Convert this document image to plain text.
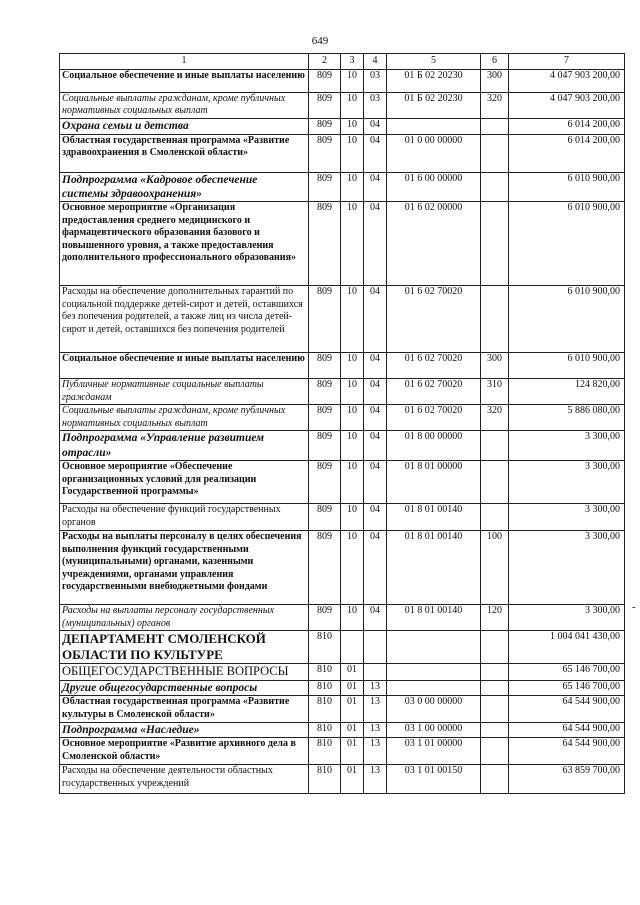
649
1	2	3	4	5	6	7
Социальное обеспечение и иные выплаты населению	809	10	03	01 Б 02 20230	300	4 047 903 200,00
Социальные выплаты гражданам, кроме публичных нормативных социальных выплат	809	10	03	01 Б 02 20230	320	4 047 903 200,00
Охрана семьи и детства	809	10	04			6 014 200,00
Областная государственная программа «Развитие здравоохранения в Смоленской области»	809	10	04	01 0 00 00000		6 014 200,00
Подпрограмма «Кадровое обеспечение системы здравоохранения»	809	10	04	01 6 00 00000		6 010 900,00
Основное мероприятие «Организация предоставления среднего медицинского и фармацевтического образования базового и повышенного уровня, а также предоставления дополнительного профессионального образования»	809	10	04	01 6 02 00000		6 010 900,00
Расходы на обеспечение дополнительных гарантий по социальной поддержке детей-сирот и детей, оставшихся без попечения родителей, а также лиц из числа детей-сирот и детей, оставшихся без попечения родителей	809	10	04	01 6 02 70020		6 010 900,00
Социальное обеспечение и иные выплаты населению	809	10	04	01 6 02 70020	300	6 010 900,00
Публичные нормативные социальные выплаты гражданам	809	10	04	01 6 02 70020	310	124 820,00
Социальные выплаты гражданам, кроме публичных нормативных социальных выплат	809	10	04	01 6 02 70020	320	5 886 080,00
Подпрограмма «Управление развитием отрасли»	809	10	04	01 8 00 00000		3 300,00
Основное мероприятие «Обеспечение организационных условий для реализации Государственной программы»	809	10	04	01 8 01 00000		3 300,00
Расходы на обеспечение функций государственных органов	809	10	04	01 8 01 00140		3 300,00
Расходы на выплаты персоналу в целях обеспечения выполнения функций государственными (муниципальными) органами, казенными учреждениями, органами управления государственными внебюджетными фондами	809	10	04	01 8 01 00140	100	3 300,00
Расходы на выплаты персоналу государственных (муниципальных) органов	809	10	04	01 8 01 00140	120	3 300,00
ДЕПАРТАМЕНТ СМОЛЕНСКОЙ ОБЛАСТИ ПО КУЛЬТУРЕ	810					1 004 041 430,00
ОБЩЕГОСУДАРСТВЕННЫЕ ВОПРОСЫ	810	01				65 146 700,00
Другие общегосударственные вопросы	810	01	13			65 146 700,00
Областная государственная программа «Развитие культуры в Смоленской области»	810	01	13	03 0 00 00000		64 544 900,00
Подпрограмма «Наследие»	810	01	13	03 1 00 00000		64 544 900,00
Основное мероприятие «Развитие архивного дела в Смоленской области»	810	01	13	03 1 01 00000		64 544 900,00
Расходы на обеспечение деятельности областных государственных учреждений	810	01	13	03 1 01 00150		63 859 700,00
-
